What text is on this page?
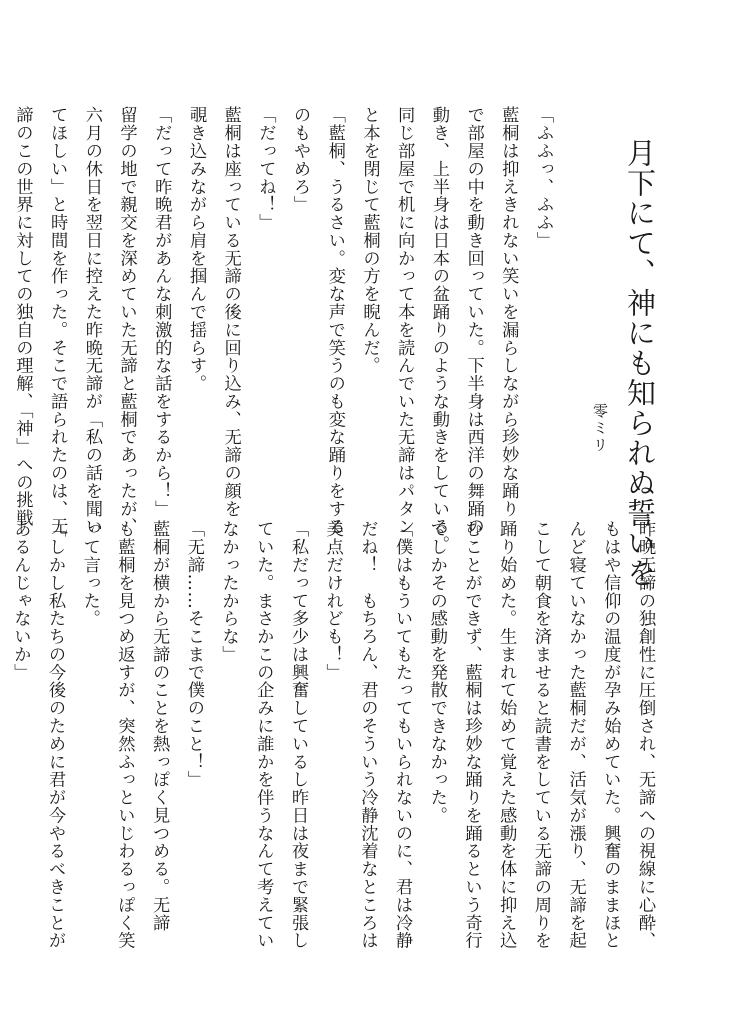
月下にて、神にも知られぬ誓いを
零ミリ

「ふふっ、ふふ」

藍桐は抑えきれない笑いを漏らしながら珍妙な踊り

で部屋の中を動き回っていた。下半身は西洋の舞踊の

動き、上半身は日本の盆踊りのような動きをしている。

同じ部屋で机に向かって本を読んでいた无諦はパタン

と本を閉じて藍桐の方を睨んだ。

「藍桐、うるさい。変な声で笑うのも変な踊りをする

のもやめろ」

「だってね！」

藍桐は座っている无諦の後に回り込み、无諦の顔を

覗き込みながら肩を掴んで揺らす。

「だって昨晩君があんな刺激的な話をするから！」

留学の地で親交を深めていた无諦と藍桐であったが、

六月の休日を翌日に控えた昨晩无諦が「私の話を聞い

てほしい」と時間を作った。そこで語られたのは、无

諦のこの世界に対しての独自の理解、「神」への挑戦

昨晩无諦の独創性に圧倒され、无諦への視線に心酔、

もはや信仰の温度が孕み始めていた。興奮のままほと

んど寝ていなかった藍桐だが、活気が漲り、无諦を起

こして朝食を済ませると読書をしている无諦の周りを

踊り始めた。生まれて始めて覚えた感動を体に抑え込

むことができず、藍桐は珍妙な踊りを踊るという奇行

でしかその感動を発散できなかった。

「僕はもういてもたってもいられないのに、君は冷静

だね！　もちろん、君のそういう冷静沈着なところは

美点だけれども！」

「私だって多少は興奮しているし昨日は夜まで緊張し

ていた。まさかこの企みに誰かを伴うなんて考えてい

なかったからな」

「无諦……そこまで僕のこと！」

藍桐が横から无諦のことを熱っぽく見つめる。无諦

も藍桐を見つめ返すが、突然ふっといじわるっぽく笑

って言った。

「しかし私たちの今後のために君が今やるべきことが

あるんじゃないか」
